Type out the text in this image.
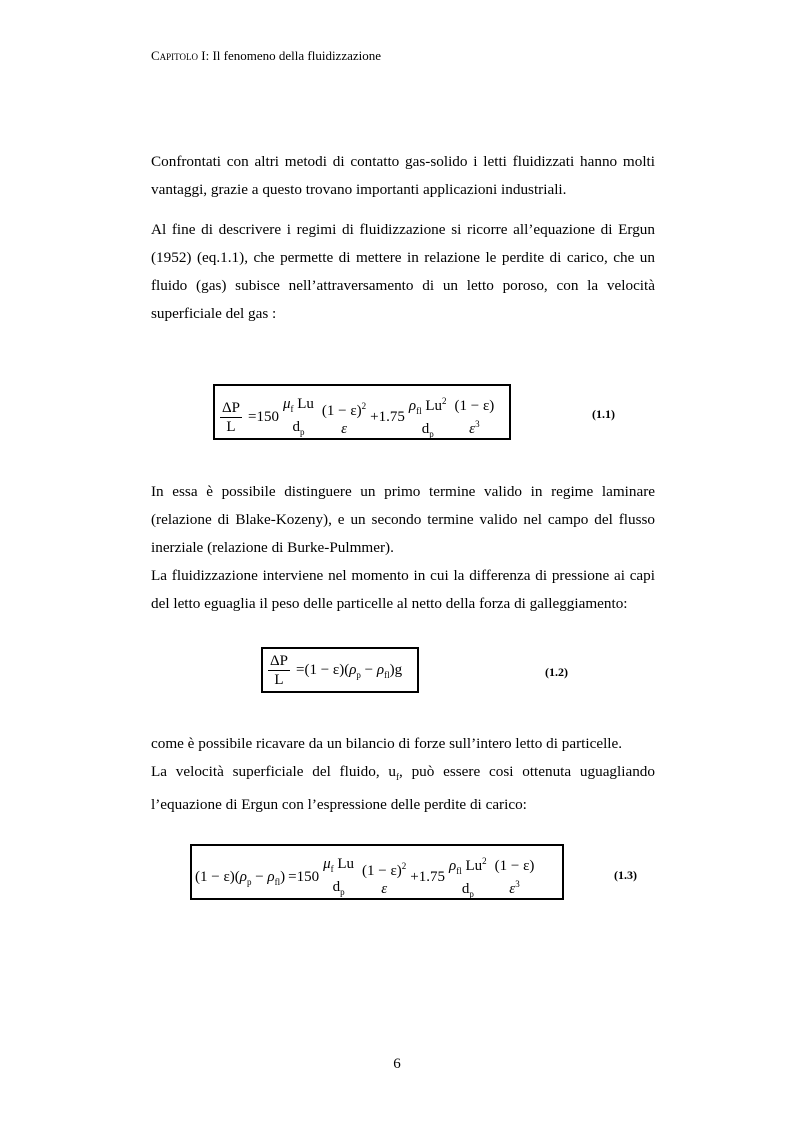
Capitolo I: Il fenomeno della fluidizzazione
Confrontati con altri metodi di contatto gas-solido i letti fluidizzati hanno molti vantaggi, grazie a questo trovano importanti applicazioni industriali.
Al fine di descrivere i regimi di fluidizzazione si ricorre all’equazione di Ergun (1952) (eq.1.1), che permette di mettere in relazione le perdite di carico, che un fluido (gas) subisce nell’attraversamento di un letto poroso, con la velocità superficiale del gas :
$\frac{\Delta P}{L} = 150$
$\mu_f$ Lu
$d_p$
$(1 - \varepsilon)^2$
ε
+1.75
$\rho_{fl}$ Lu$^2$
$d_p$
(1 − ε)
$\varepsilon^3$
(1.1)
In essa è possibile distinguere un primo termine valido in regime laminare (relazione di Blake-Kozeny), e un secondo termine valido nel campo del flusso inerziale (relazione di Burke-Pulmmer).
La fluidizzazione interviene nel momento in cui la differenza di pressione ai capi del letto eguaglia il peso delle particelle al netto della forza di galleggiamento:
$\frac{\Delta P}{L} = (1 - \varepsilon) (\rho_p - \rho_{fl})$ g	(1.2)
come è possibile ricavare da un bilancio di forze sull’intero letto di particelle.
La velocità superficiale del fluido, $u_f$, può essere cosi ottenuta uguagliando l’equazione di Ergun con l’espressione delle perdite di carico:
(1 − ε) $(\rho_p - \rho_{fl}) = 150$
$\mu_f$ Lu
$d_p$
$(1 - \varepsilon)^2$
ε
+1.75
$\rho_{fl}$ Lu$^2$
$d_p$
(1 − ε)
$\varepsilon^3$
(1.3)
6
